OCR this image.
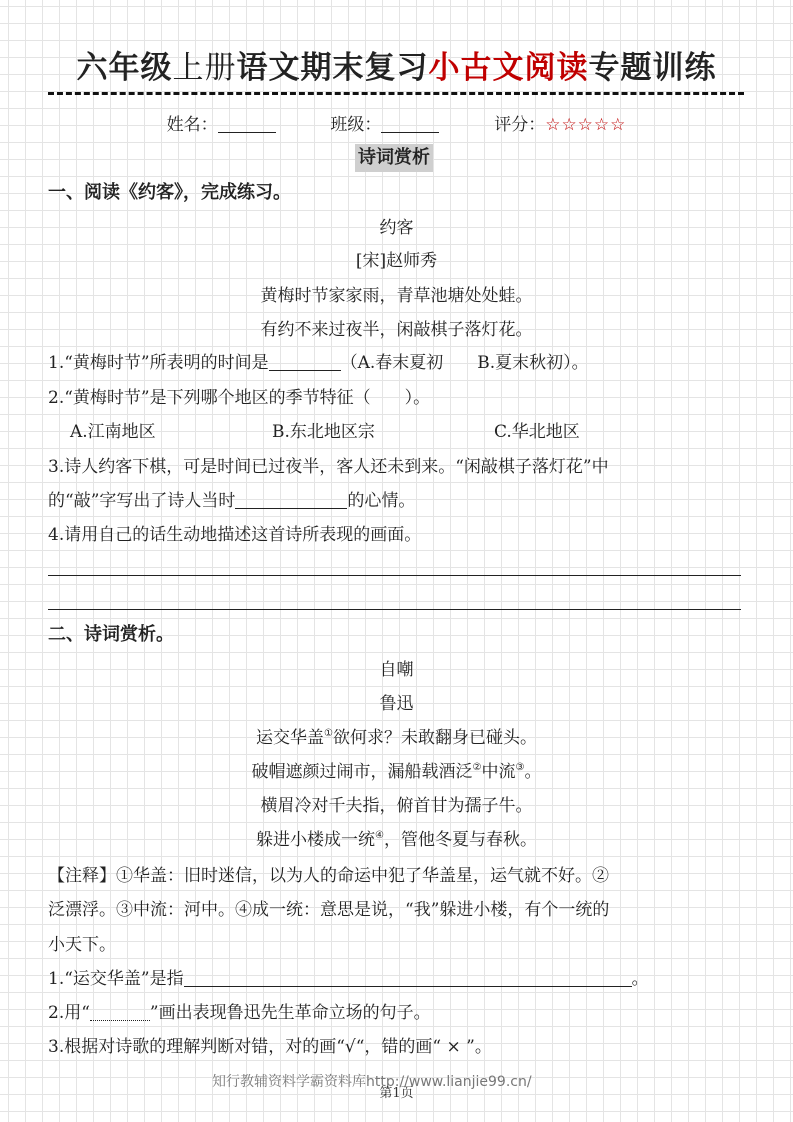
六年级上册语文期末复习小古文阅读专题训练
姓名：	班级：	评分：☆☆☆☆☆
诗词赏析
一、阅读《约客》，完成练习。
约客
[宋]赵师秀
黄梅时节家家雨，青草池塘处处蛙。
有约不来过夜半，闲敲棋子落灯花。
1.“黄梅时节”所表明的时间是	（A.春末夏初　　B.夏末秋初）。
2.“黄梅时节”是下列哪个地区的季节特征（　　）。
A.江南地区	B.东北地区宗	C.华北地区
3.诗人约客下棋，可是时间已过夜半，客人还未到来。“闲敲棋子落灯花”中
的“敲”字写出了诗人当时	的心情。
4.请用自己的话生动地描述这首诗所表现的画面。
二、诗词赏析。
自嘲
鲁迅
运交华盖①欲何求？未敢翻身已碰头。
破帽遮颜过闹市，漏船载酒泛②中流③。
横眉冷对千夫指，俯首甘为孺子牛。
躲进小楼成一统④，管他冬夏与春秋。
【注释】①华盖：旧时迷信，以为人的命运中犯了华盖星，运气就不好。②
泛漂浮。③中流：河中。④成一统：意思是说，“我”躲进小楼，有个一统的
小天下。
1.“运交华盖”是指	。
2.用“	”画出表现鲁迅先生革命立场的句子。
3.根据对诗歌的理解判断对错，对的画“√“，错的画“ × ”。
知行教辅资料学霸资料库http://www.lianjie99.cn/
第1页
